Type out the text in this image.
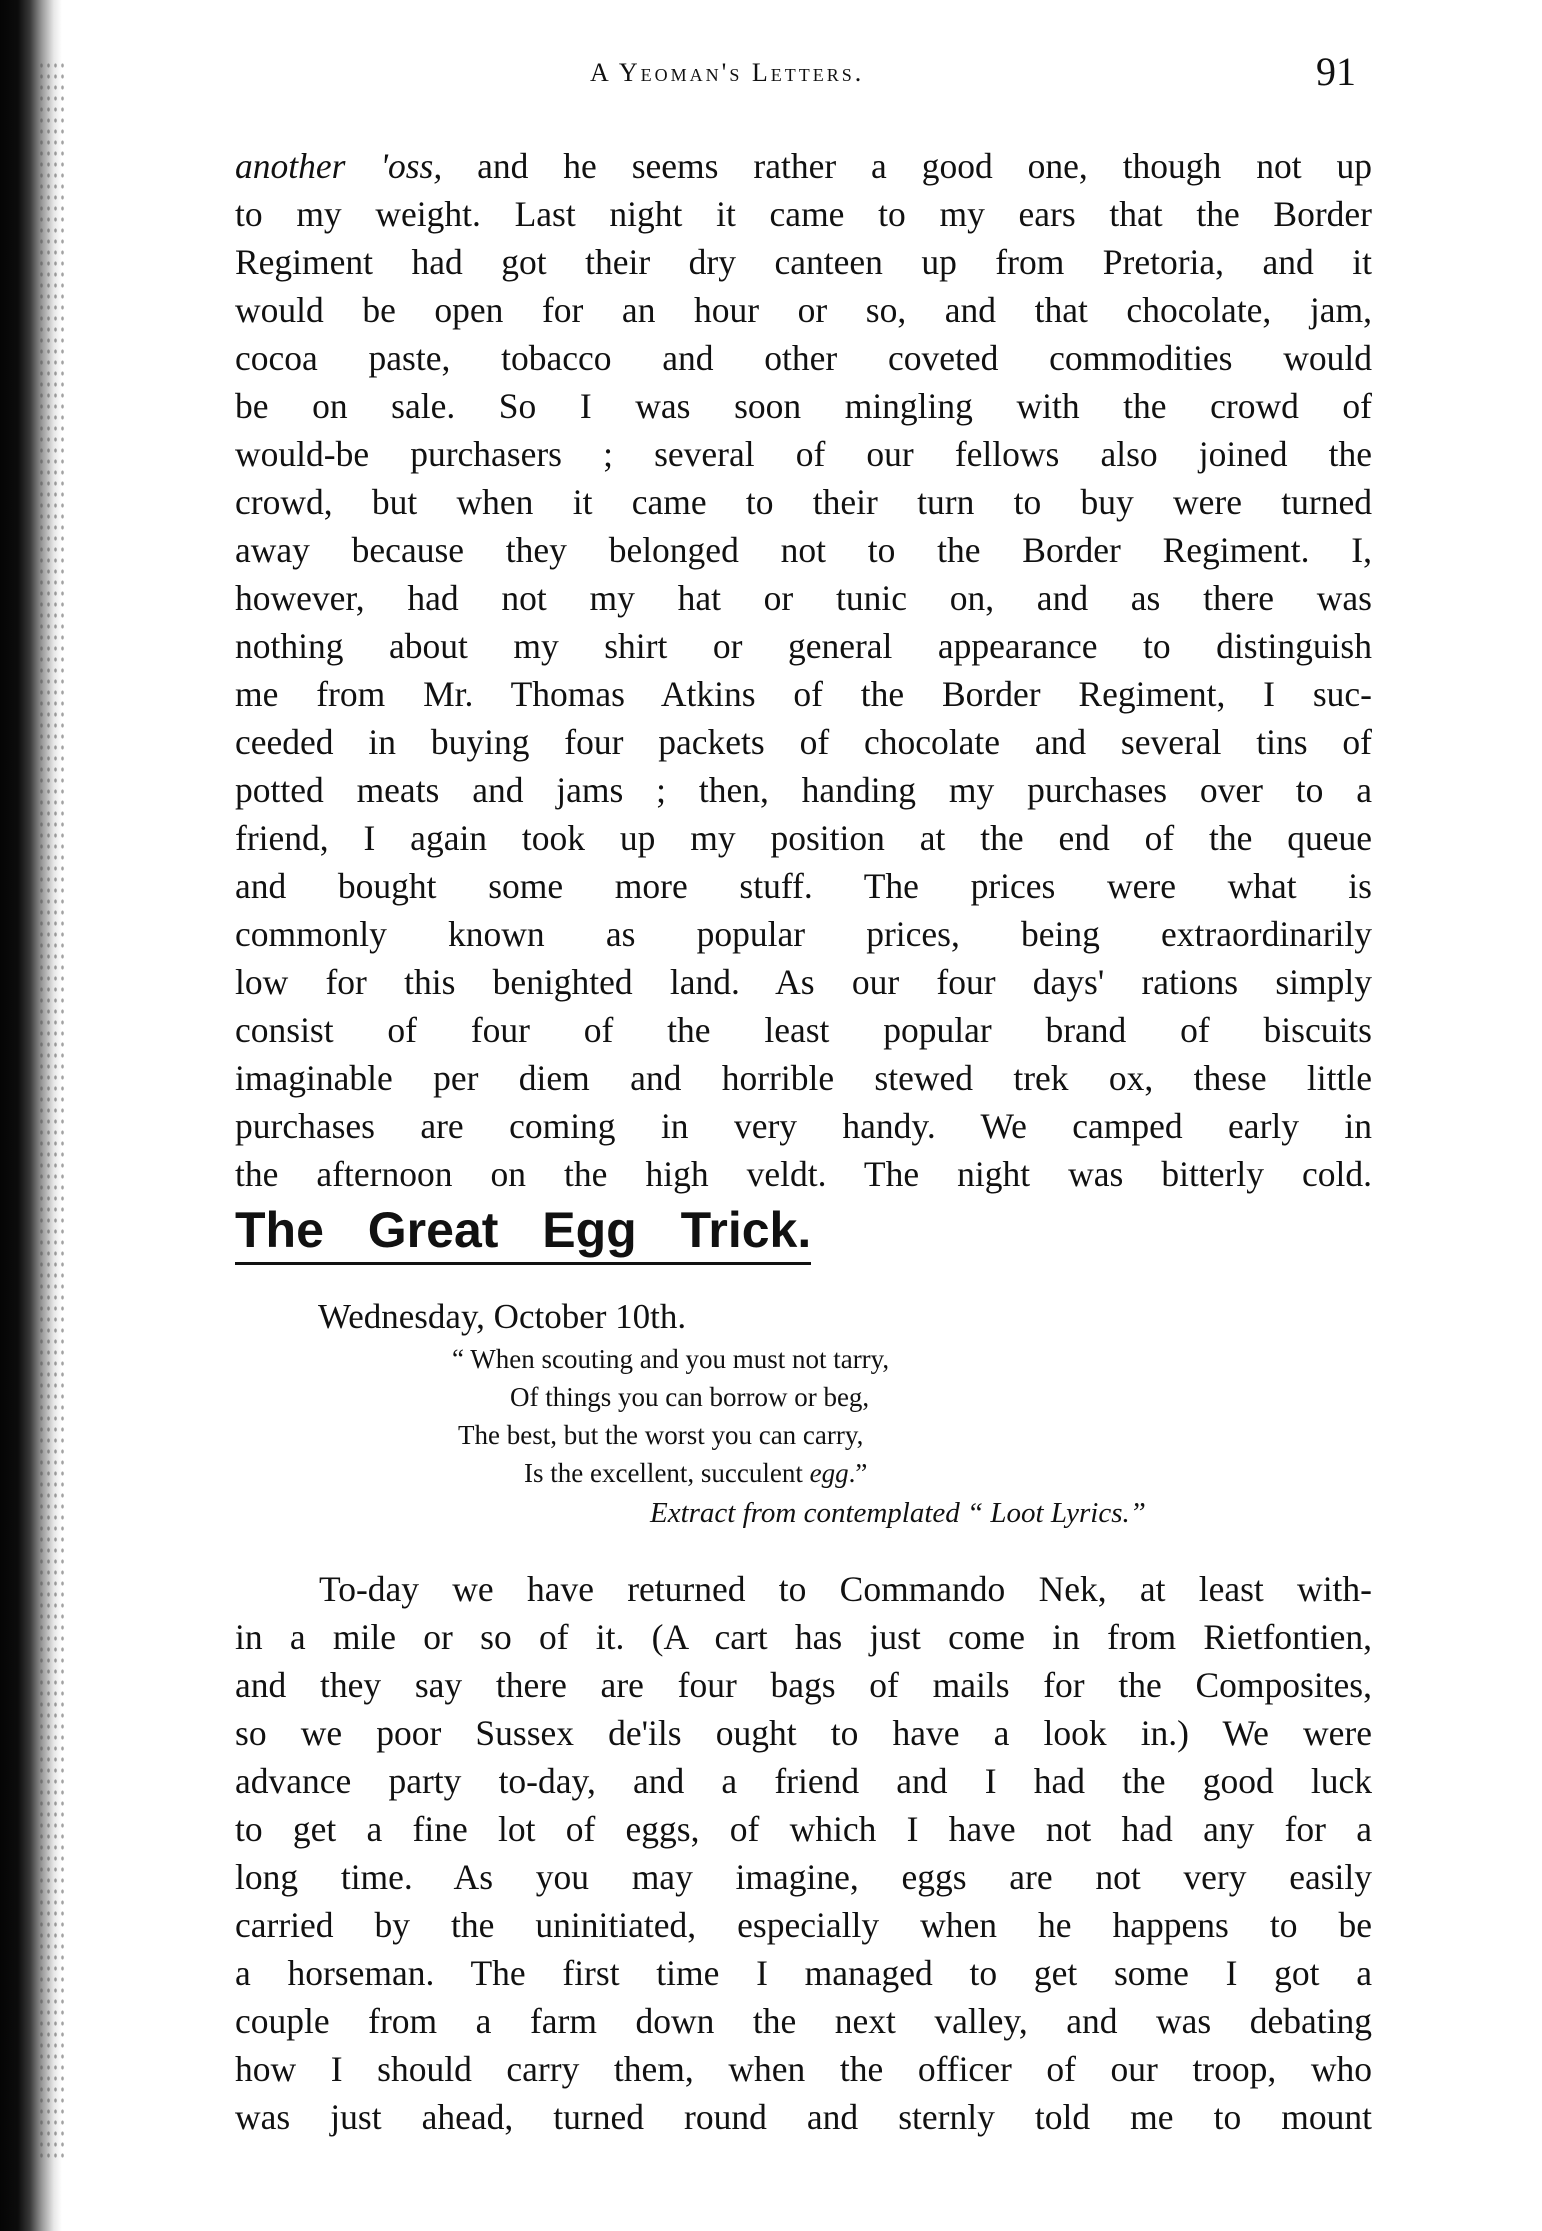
A Yeoman's Letters.	91
another 'oss, and he seems rather a good one, though not up
to my weight. Last night it came to my ears that the Border
Regiment had got their dry canteen up from Pretoria, and it
would be open for an hour or so, and that chocolate, jam,
cocoa paste, tobacco and other coveted commodities would
be on sale. So I was soon mingling with the crowd of
would-be purchasers ; several of our fellows also joined the
crowd, but when it came to their turn to buy were turned
away because they belonged not to the Border Regiment. I,
however, had not my hat or tunic on, and as there was
nothing about my shirt or general appearance to distinguish
me from Mr. Thomas Atkins of the Border Regiment, I suc-
ceeded in buying four packets of chocolate and several tins of
potted meats and jams ; then, handing my purchases over to a
friend, I again took up my position at the end of the queue
and bought some more stuff. The prices were what is
commonly known as popular prices, being extraordinarily
low for this benighted land. As our four days' rations simply
consist of four of the least popular brand of biscuits
imaginable per diem and horrible stewed trek ox, these little
purchases are coming in very handy. We camped early in
the afternoon on the high veldt. The night was bitterly cold.
The Great Egg Trick.
Wednesday, October 10th.
“ When scouting and you must not tarry,
Of things you can borrow or beg,
The best, but the worst you can carry,
Is the excellent, succulent egg.”
Extract from contemplated “ Loot Lyrics.”
To-day we have returned to Commando Nek, at least with-
in a mile or so of it. (A cart has just come in from Rietfontien,
and they say there are four bags of mails for the Composites,
so we poor Sussex de'ils ought to have a look in.) We were
advance party to-day, and a friend and I had the good luck
to get a fine lot of eggs, of which I have not had any for a
long time. As you may imagine, eggs are not very easily
carried by the uninitiated, especially when he happens to be
a horseman. The first time I managed to get some I got a
couple from a farm down the next valley, and was debating
how I should carry them, when the officer of our troop, who
was just ahead, turned round and sternly told me to mount
